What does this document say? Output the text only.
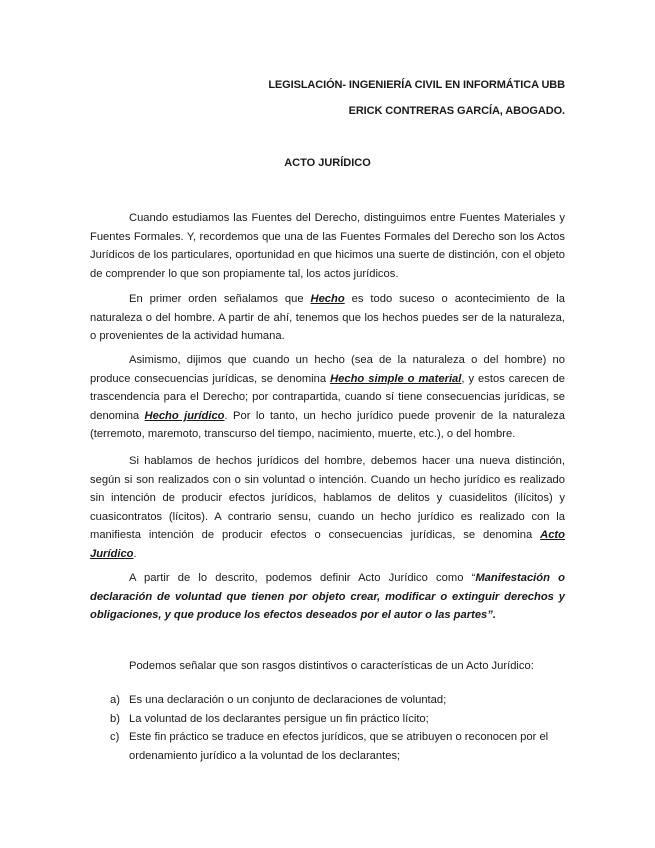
LEGISLACIÓN- INGENIERÍA CIVIL EN INFORMÁTICA UBB

ERICK CONTRERAS GARCÍA, ABOGADO.

ACTO JURÍDICO

Cuando estudiamos las Fuentes del Derecho, distinguimos entre Fuentes Materiales y Fuentes Formales. Y, recordemos que una de las Fuentes Formales del Derecho son los Actos Jurídicos de los particulares, oportunidad en que hicimos una suerte de distinción, con el objeto de comprender lo que son propiamente tal, los actos jurídicos.

En primer orden señalamos que Hecho es todo suceso o acontecimiento de la naturaleza o del hombre. A partir de ahí, tenemos que los hechos puedes ser de la naturaleza, o provenientes de la actividad humana.

Asimismo, dijimos que cuando un hecho (sea de la naturaleza o del hombre) no produce consecuencias jurídicas, se denomina Hecho simple o material, y estos carecen de trascendencia para el Derecho; por contrapartida, cuando sí tiene consecuencias jurídicas, se denomina Hecho jurídico. Por lo tanto, un hecho jurídico puede provenir de la naturaleza (terremoto, maremoto, transcurso del tiempo, nacimiento, muerte, etc.), o del hombre.

Si hablamos de hechos jurídicos del hombre, debemos hacer una nueva distinción, según si son realizados con o sin voluntad o intención. Cuando un hecho jurídico es realizado sin intención de producir efectos jurídicos, hablamos de delitos y cuasidelitos (ilícitos) y cuasicontratos (lícitos). A contrario sensu, cuando un hecho jurídico es realizado con la manifiesta intención de producir efectos o consecuencias jurídicas, se denomina Acto Jurídico.

A partir de lo descrito, podemos definir Acto Jurídico como “Manifestación o declaración de voluntad que tienen por objeto crear, modificar o extinguir derechos y obligaciones, y que produce los efectos deseados por el autor o las partes”.

Podemos señalar que son rasgos distintivos o características de un Acto Jurídico:

a) Es una declaración o un conjunto de declaraciones de voluntad;
b) La voluntad de los declarantes persigue un fin práctico lícito;
c) Este fin práctico se traduce en efectos jurídicos, que se atribuyen o reconocen por el ordenamiento jurídico a la voluntad de los declarantes;
